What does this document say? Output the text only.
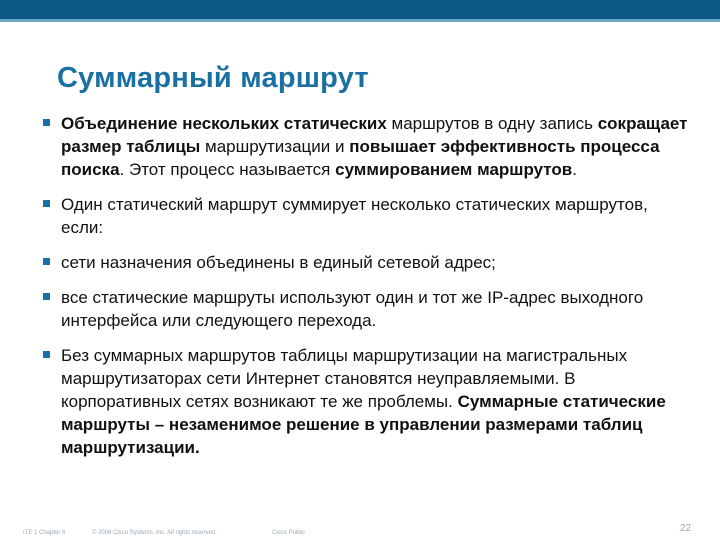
Суммарный маршрут
Объединение нескольких статических маршрутов в одну запись сокращает размер таблицы маршрутизации и повышает эффективность процесса поиска. Этот процесс называется суммированием маршрутов.
Один статический маршрут суммирует несколько статических маршрутов, если:
сети назначения объединены в единый сетевой адрес;
все статические маршруты используют один и тот же IP-адрес выходного интерфейса или следующего перехода.
Без суммарных маршрутов таблицы маршрутизации на магистральных маршрутизаторах сети Интернет становятся неуправляемыми. В корпоративных сетях возникают те же проблемы. Суммарные статические маршруты – незаменимое решение в управлении размерами таблиц маршрутизации.
ITE 1 Chapter 6	© 2006 Cisco Systems, Inc. All rights reserved.	Cisco Public	22
